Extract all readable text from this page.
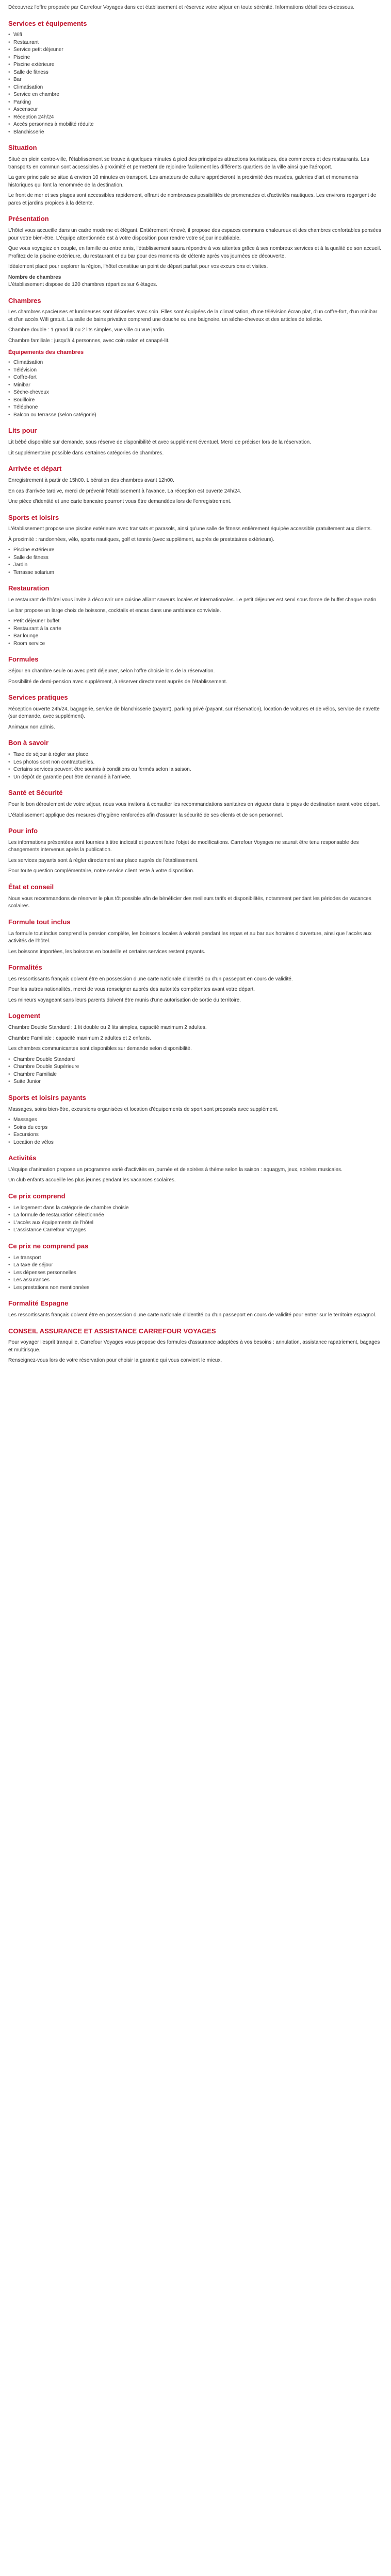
Découvrez l'offre proposée par Carrefour Voyages dans cet établissement et réservez votre séjour en toute sérénité. Informations détaillées ci-dessous.

Services et équipements
• Wifi
• Restaurant
• Service petit déjeuner
• Piscine
• Piscine extérieure
• Salle de fitness
• Bar
• Climatisation
• Service en chambre
• Parking
• Ascenseur
• Réception 24h/24
• Accès personnes à mobilité réduite
• Blanchisserie
Situation

Situé en plein centre-ville, l'établissement se trouve à quelques minutes à pied des principales attractions touristiques, des commerces et des restaurants. Les transports en commun sont accessibles à proximité et permettent de rejoindre facilement les différents quartiers de la ville ainsi que l'aéroport.

La gare principale se situe à environ 10 minutes en transport. Les amateurs de culture apprécieront la proximité des musées, galeries d'art et monuments historiques qui font la renommée de la destination.

Le front de mer et ses plages sont accessibles rapidement, offrant de nombreuses possibilités de promenades et d'activités nautiques. Les environs regorgent de parcs et jardins propices à la détente.

Présentation

L'hôtel vous accueille dans un cadre moderne et élégant. Entièrement rénové, il propose des espaces communs chaleureux et des chambres confortables pensées pour votre bien-être. L'équipe attentionnée est à votre disposition pour rendre votre séjour inoubliable.

Que vous voyagiez en couple, en famille ou entre amis, l'établissement saura répondre à vos attentes grâce à ses nombreux services et à la qualité de son accueil. Profitez de la piscine extérieure, du restaurant et du bar pour des moments de détente après vos journées de découverte.

Idéalement placé pour explorer la région, l'hôtel constitue un point de départ parfait pour vos excursions et visites.

Nombre de chambres

L'établissement dispose de 120 chambres réparties sur 6 étages.

Chambres

Les chambres spacieuses et lumineuses sont décorées avec soin. Elles sont équipées de la climatisation, d'une télévision écran plat, d'un coffre-fort, d'un minibar et d'un accès Wifi gratuit. La salle de bains privative comprend une douche ou une baignoire, un sèche-cheveux et des articles de toilette.

Chambre double : 1 grand lit ou 2 lits simples, vue ville ou vue jardin.

Chambre familiale : jusqu'à 4 personnes, avec coin salon et canapé-lit.

Équipements des chambres
• Climatisation
• Télévision
• Coffre-fort
• Minibar
• Sèche-cheveux
• Bouilloire
• Téléphone
• Balcon ou terrasse (selon catégorie)
Lits pour

Lit bébé disponible sur demande, sous réserve de disponibilité et avec supplément éventuel. Merci de préciser lors de la réservation.

Lit supplémentaire possible dans certaines catégories de chambres.

Arrivée et départ

Enregistrement à partir de 15h00. Libération des chambres avant 12h00.

En cas d'arrivée tardive, merci de prévenir l'établissement à l'avance. La réception est ouverte 24h/24.

Une pièce d'identité et une carte bancaire pourront vous être demandées lors de l'enregistrement.

Sports et loisirs

L'établissement propose une piscine extérieure avec transats et parasols, ainsi qu'une salle de fitness entièrement équipée accessible gratuitement aux clients.

À proximité : randonnées, vélo, sports nautiques, golf et tennis (avec supplément, auprès de prestataires extérieurs).

• Piscine extérieure
• Salle de fitness
• Jardin
• Terrasse solarium
Restauration

Le restaurant de l'hôtel vous invite à découvrir une cuisine alliant saveurs locales et internationales. Le petit déjeuner est servi sous forme de buffet chaque matin.

Le bar propose un large choix de boissons, cocktails et encas dans une ambiance conviviale.

• Petit déjeuner buffet
• Restaurant à la carte
• Bar lounge
• Room service
Formules

Séjour en chambre seule ou avec petit déjeuner, selon l'offre choisie lors de la réservation.

Possibilité de demi-pension avec supplément, à réserver directement auprès de l'établissement.

Services pratiques

Réception ouverte 24h/24, bagagerie, service de blanchisserie (payant), parking privé (payant, sur réservation), location de voitures et de vélos, service de navette (sur demande, avec supplément).

Animaux non admis.

Bon à savoir
• Taxe de séjour à régler sur place.
• Les photos sont non contractuelles.
• Certains services peuvent être soumis à conditions ou fermés selon la saison.
• Un dépôt de garantie peut être demandé à l'arrivée.
Santé et Sécurité

Pour le bon déroulement de votre séjour, nous vous invitons à consulter les recommandations sanitaires en vigueur dans le pays de destination avant votre départ.

L'établissement applique des mesures d'hygiène renforcées afin d'assurer la sécurité de ses clients et de son personnel.

Pour info

Les informations présentées sont fournies à titre indicatif et peuvent faire l'objet de modifications. Carrefour Voyages ne saurait être tenu responsable des changements intervenus après la publication.

Les services payants sont à régler directement sur place auprès de l'établissement.

Pour toute question complémentaire, notre service client reste à votre disposition.

État et conseil

Nous vous recommandons de réserver le plus tôt possible afin de bénéficier des meilleurs tarifs et disponibilités, notamment pendant les périodes de vacances scolaires.

Formule tout inclus

La formule tout inclus comprend la pension complète, les boissons locales à volonté pendant les repas et au bar aux horaires d'ouverture, ainsi que l'accès aux activités de l'hôtel.

Les boissons importées, les boissons en bouteille et certains services restent payants.

Formalités

Les ressortissants français doivent être en possession d'une carte nationale d'identité ou d'un passeport en cours de validité.

Pour les autres nationalités, merci de vous renseigner auprès des autorités compétentes avant votre départ.

Les mineurs voyageant sans leurs parents doivent être munis d'une autorisation de sortie du territoire.

Logement

Chambre Double Standard : 1 lit double ou 2 lits simples, capacité maximum 2 adultes.

Chambre Familiale : capacité maximum 2 adultes et 2 enfants.

Les chambres communicantes sont disponibles sur demande selon disponibilité.

• Chambre Double Standard
• Chambre Double Supérieure
• Chambre Familiale
• Suite Junior
Sports et loisirs payants

Massages, soins bien-être, excursions organisées et location d'équipements de sport sont proposés avec supplément.

• Massages
• Soins du corps
• Excursions
• Location de vélos
Activités

L'équipe d'animation propose un programme varié d'activités en journée et de soirées à thème selon la saison : aquagym, jeux, soirées musicales.

Un club enfants accueille les plus jeunes pendant les vacances scolaires.

Ce prix comprend
• Le logement dans la catégorie de chambre choisie
• La formule de restauration sélectionnée
• L'accès aux équipements de l'hôtel
• L'assistance Carrefour Voyages
Ce prix ne comprend pas
• Le transport
• La taxe de séjour
• Les dépenses personnelles
• Les assurances
• Les prestations non mentionnées
Formalité Espagne

Les ressortissants français doivent être en possession d'une carte nationale d'identité ou d'un passeport en cours de validité pour entrer sur le territoire espagnol.

CONSEIL ASSURANCE ET ASSISTANCE CARREFOUR VOYAGES

Pour voyager l'esprit tranquille, Carrefour Voyages vous propose des formules d'assurance adaptées à vos besoins : annulation, assistance rapatriement, bagages et multirisque.

Renseignez-vous lors de votre réservation pour choisir la garantie qui vous convient le mieux.
